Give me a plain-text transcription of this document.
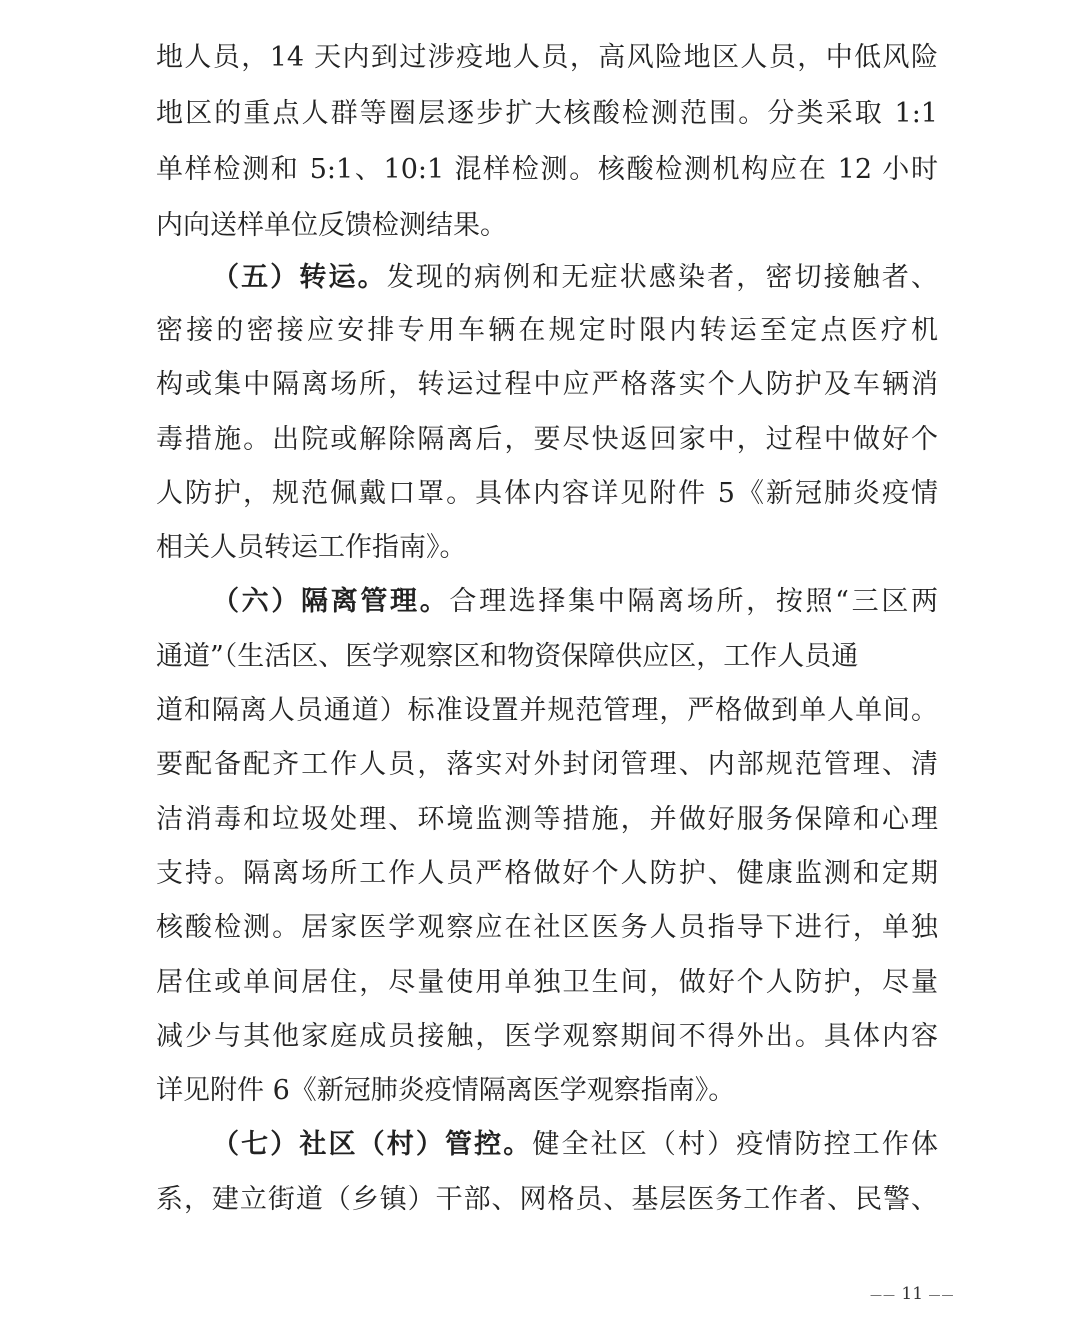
地人员，14 天内到过涉疫地人员，高风险地区人员，中低风险
地区的重点人群等圈层逐步扩大核酸检测范围。分类采取 1:1
单样检测和 5:1、10:1 混样检测。核酸检测机构应在 12 小时
内向送样单位反馈检测结果。
（五）转运。发现的病例和无症状感染者，密切接触者、
密接的密接应安排专用车辆在规定时限内转运至定点医疗机
构或集中隔离场所，转运过程中应严格落实个人防护及车辆消
毒措施。出院或解除隔离后，要尽快返回家中，过程中做好个
人防护，规范佩戴口罩。具体内容详见附件 5《新冠肺炎疫情
相关人员转运工作指南》。
（六）隔离管理。合理选择集中隔离场所，按照“三区两
通道”（生活区、医学观察区和物资保障供应区，工作人员通
道和隔离人员通道）标准设置并规范管理，严格做到单人单间。
要配备配齐工作人员，落实对外封闭管理、内部规范管理、清
洁消毒和垃圾处理、环境监测等措施，并做好服务保障和心理
支持。隔离场所工作人员严格做好个人防护、健康监测和定期
核酸检测。居家医学观察应在社区医务人员指导下进行，单独
居住或单间居住，尽量使用单独卫生间，做好个人防护，尽量
减少与其他家庭成员接触，医学观察期间不得外出。具体内容
详见附件 6《新冠肺炎疫情隔离医学观察指南》。
（七）社区（村）管控。健全社区（村）疫情防控工作体
系，建立街道（乡镇）干部、网格员、基层医务工作者、民警、
—— 11 ——
